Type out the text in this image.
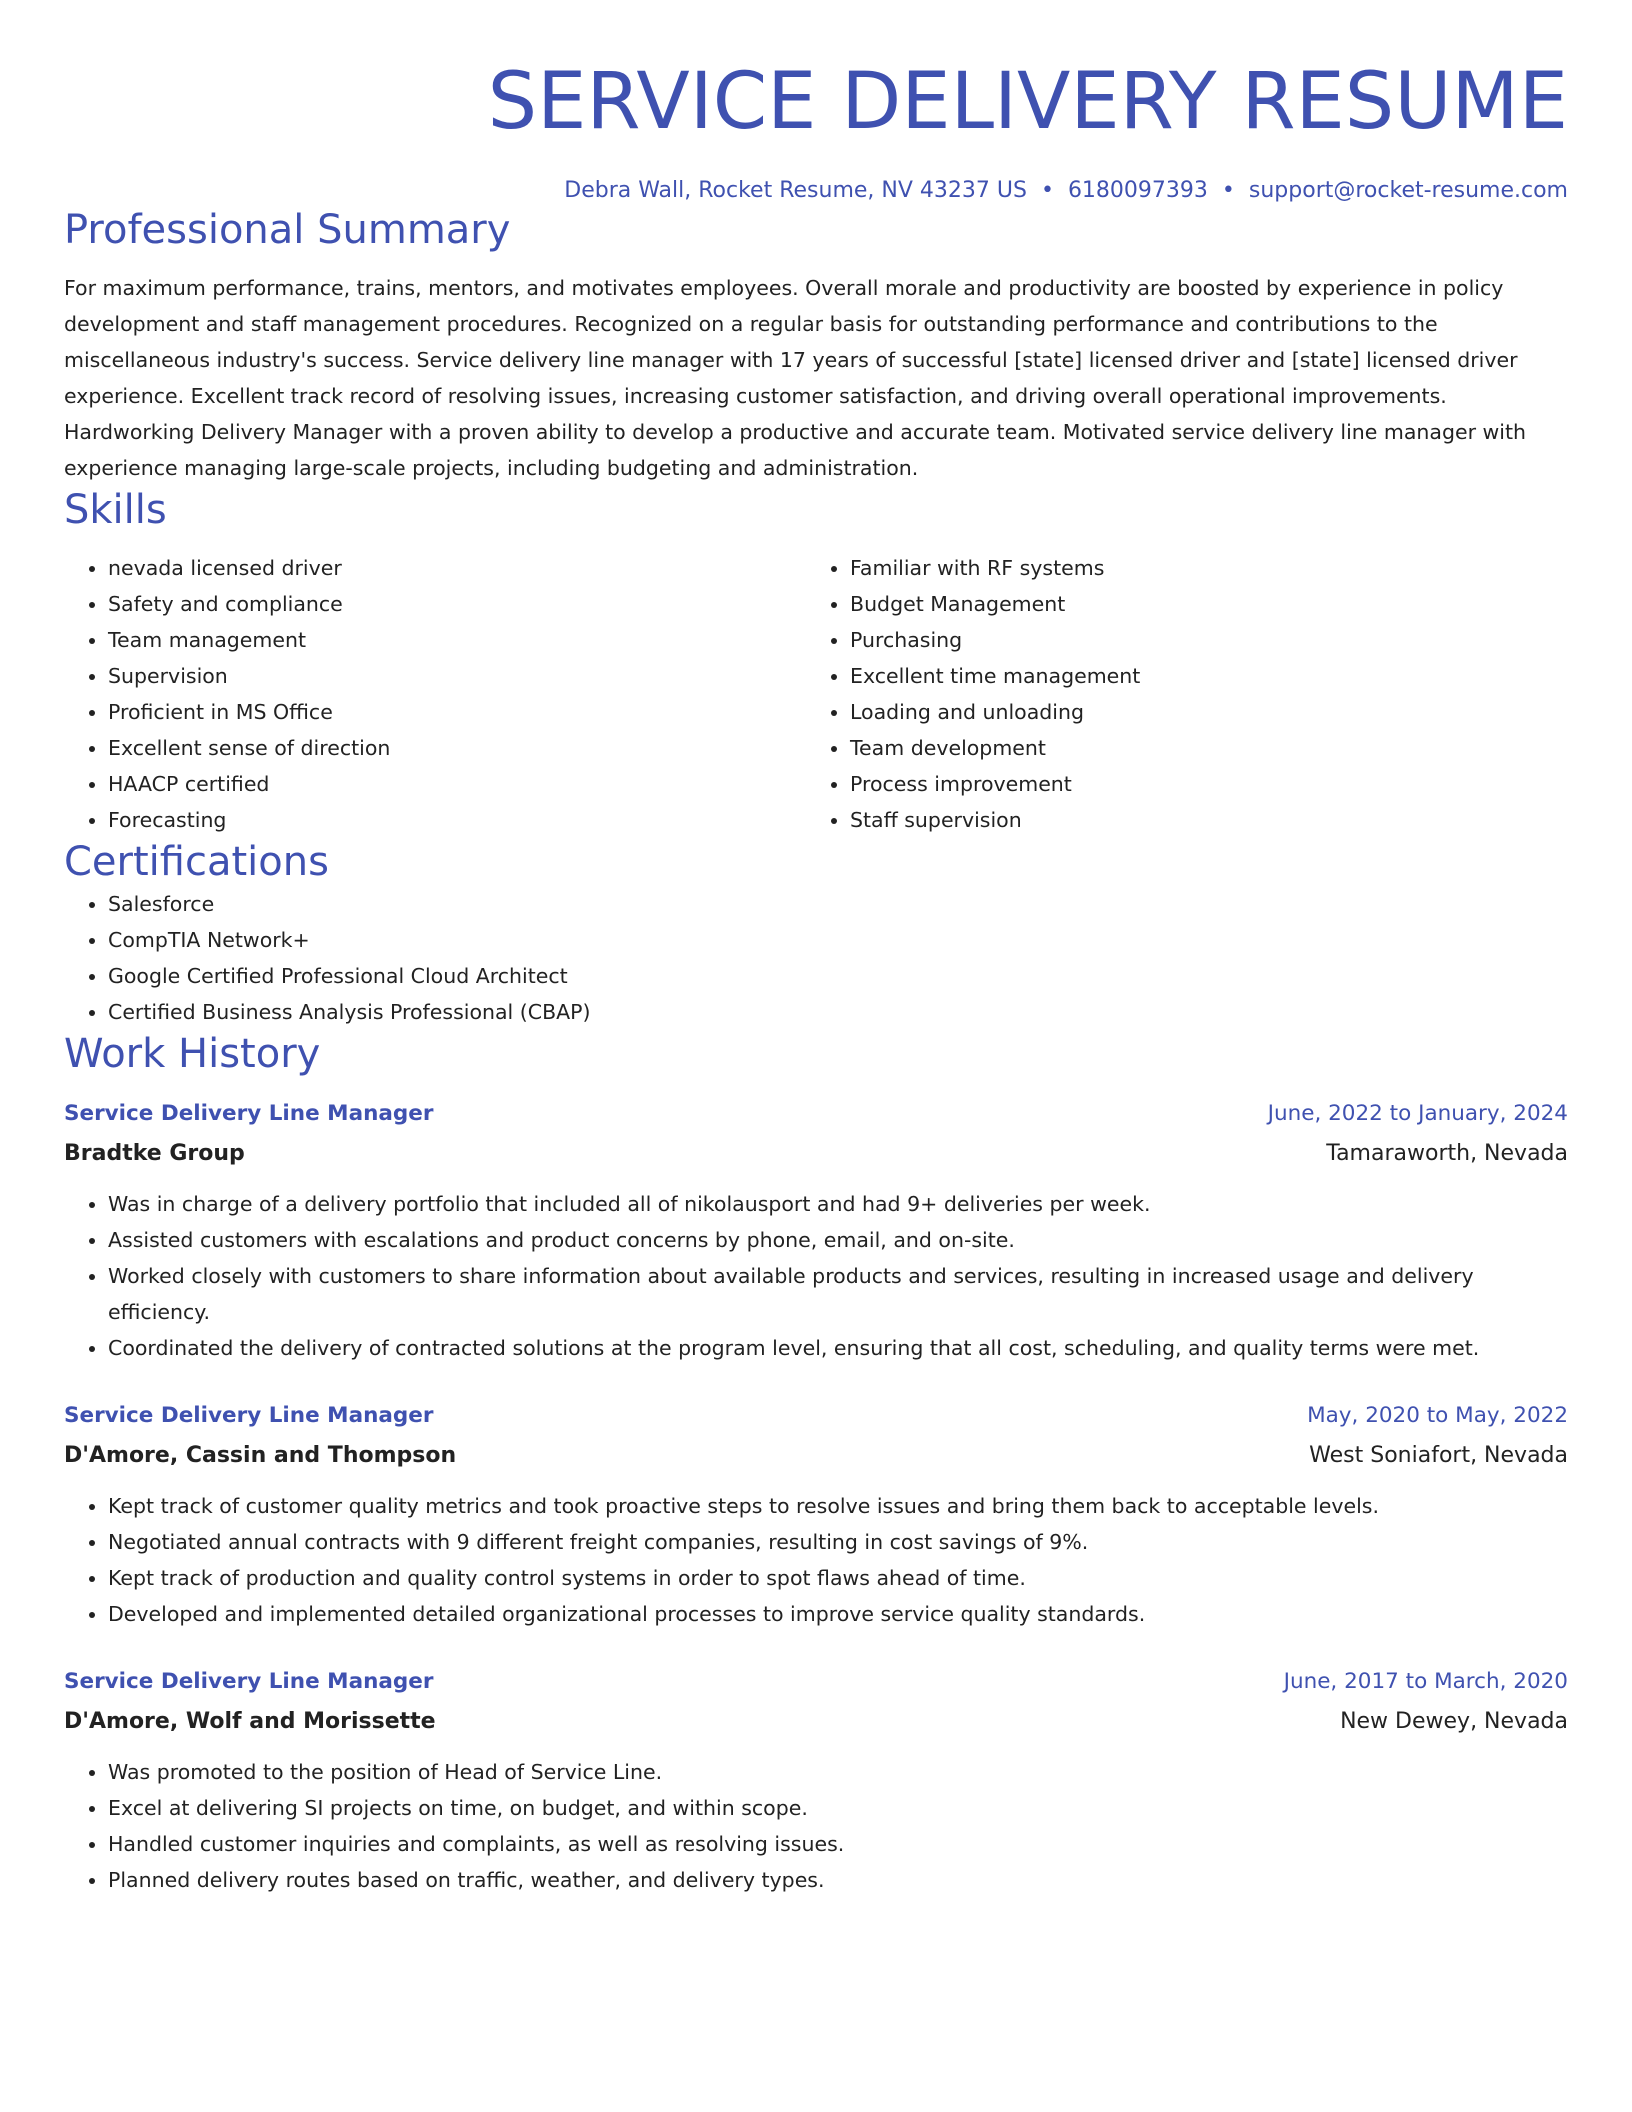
SERVICE DELIVERY RESUME
Debra Wall, Rocket Resume, NV 43237 US • 6180097393 • support@rocket-resume.com
Professional Summary

For maximum performance, trains, mentors, and motivates employees. Overall morale and productivity are boosted by experience in policy development and staff management procedures. Recognized on a regular basis for outstanding performance and contributions to the miscellaneous industry's success. Service delivery line manager with 17 years of successful [state] licensed driver and [state] licensed driver experience. Excellent track record of resolving issues, increasing customer satisfaction, and driving overall operational improvements. Hardworking Delivery Manager with a proven ability to develop a productive and accurate team. Motivated service delivery line manager with experience managing large-scale projects, including budgeting and administration.

Skills
• nevada licensed driver
• Safety and compliance
• Team management
• Supervision
• Proficient in MS Office
• Excellent sense of direction
• HAACP certified
• Forecasting
• Familiar with RF systems
• Budget Management
• Purchasing
• Excellent time management
• Loading and unloading
• Team development
• Process improvement
• Staff supervision
Certifications
• Salesforce
• CompTIA Network+
• Google Certified Professional Cloud Architect
• Certified Business Analysis Professional (CBAP)
Work History
Service Delivery Line Manager	June, 2022 to January, 2024
Bradtke Group	Tamaraworth, Nevada
• Was in charge of a delivery portfolio that included all of nikolausport and had 9+ deliveries per week.
• Assisted customers with escalations and product concerns by phone, email, and on-site.
• Worked closely with customers to share information about available products and services, resulting in increased usage and delivery efficiency.
• Coordinated the delivery of contracted solutions at the program level, ensuring that all cost, scheduling, and quality terms were met.
Service Delivery Line Manager	May, 2020 to May, 2022
D'Amore, Cassin and Thompson	West Soniafort, Nevada
• Kept track of customer quality metrics and took proactive steps to resolve issues and bring them back to acceptable levels.
• Negotiated annual contracts with 9 different freight companies, resulting in cost savings of 9%.
• Kept track of production and quality control systems in order to spot flaws ahead of time.
• Developed and implemented detailed organizational processes to improve service quality standards.
Service Delivery Line Manager	June, 2017 to March, 2020
D'Amore, Wolf and Morissette	New Dewey, Nevada
• Was promoted to the position of Head of Service Line.
• Excel at delivering SI projects on time, on budget, and within scope.
• Handled customer inquiries and complaints, as well as resolving issues.
• Planned delivery routes based on traffic, weather, and delivery types.
